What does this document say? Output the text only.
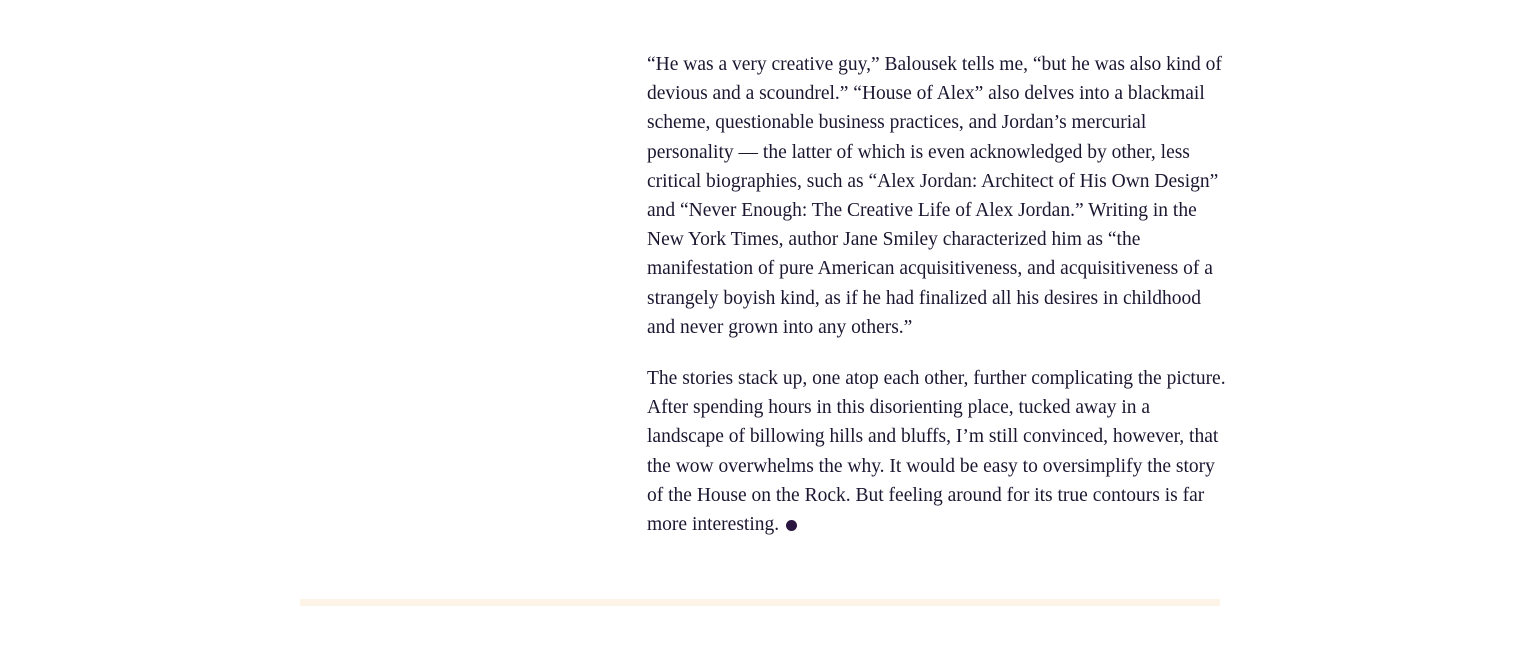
“He was a very creative guy,” Balousek tells me, “but he was also kind of devious and a scoundrel.” “House of Alex” also delves into a blackmail scheme, questionable business practices, and Jordan’s mercurial personality — the latter of which is even acknowledged by other, less critical biographies, such as “Alex Jordan: Architect of His Own Design” and “Never Enough: The Creative Life of Alex Jordan.” Writing in the New York Times, author Jane Smiley characterized him as “the manifestation of pure American acquisitiveness, and acquisitiveness of a strangely boyish kind, as if he had finalized all his desires in childhood and never grown into any others.”

The stories stack up, one atop each other, further complicating the picture. After spending hours in this disorienting place, tucked away in a landscape of billowing hills and bluffs, I’m still convinced, however, that the wow overwhelms the why. It would be easy to oversimplify the story of the House on the Rock. But feeling around for its true contours is far more interesting.
